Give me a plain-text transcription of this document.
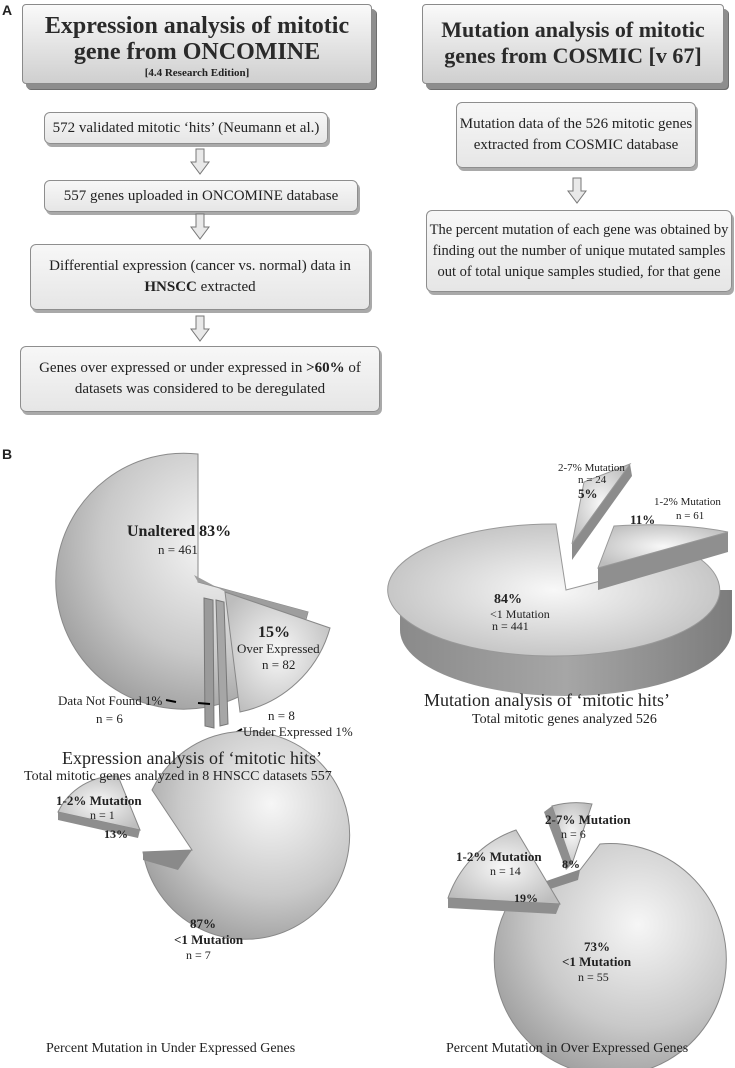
A
Expression analysis of mitotic
gene from ONCOMINE
[4.4 Research Edition]
Mutation analysis of mitotic
genes from COSMIC [v 67]
572 validated mitotic ‘hits’ (Neumann et al.)
557 genes uploaded in ONCOMINE database
Differential expression (cancer vs. normal) data in
HNSCC extracted
Genes over expressed or under expressed in >60% of
datasets was considered to be deregulated
Mutation data of the 526 mitotic genes
extracted from COSMIC database
The percent mutation of each gene was obtained by
finding out the number of unique mutated samples
out of total unique samples studied, for that gene
B
Unaltered 83%
n = 461
15%
Over Expressed
n = 82
Data Not Found 1%
n = 6	n = 8
Under Expressed 1%
Expression analysis of ‘mitotic hits’
Total mitotic genes analyzed in 8 HNSCC datasets 557
2-7% Mutation
n = 24
5%
1-2% Mutation
11% n = 61
84%
<1 Mutation
n = 441
Mutation analysis of ‘mitotic hits’
Total mitotic genes analyzed 526
1-2% Mutation
n = 1
13%
87%
<1 Mutation
n = 7
Percent Mutation in Under Expressed Genes
2-7% Mutation
n = 6
8%
1-2% Mutation
n = 14
19%
73%
<1 Mutation
n = 55
Percent Mutation in Over Expressed Genes
